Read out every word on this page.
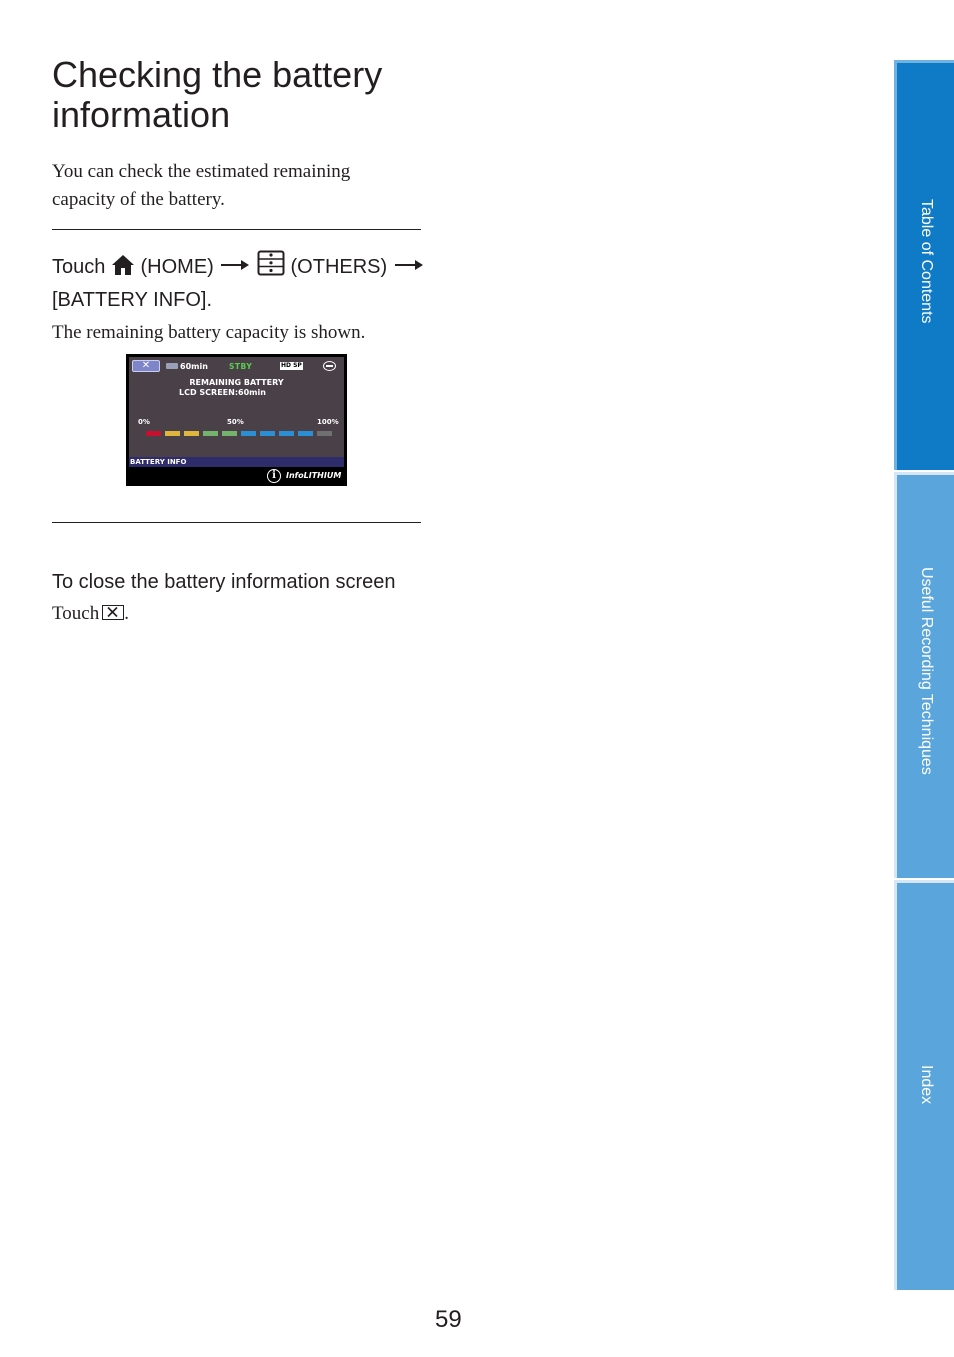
Checking the battery
information

You can check the estimated remaining
capacity of the battery.

Touch (HOME)	(OTHERS)
[BATTERY INFO].

The remaining battery capacity is shown.

✕	60min	STBY	HD SP
REMAINING BATTERY
LCD SCREEN:60min
0%	50%	100%
BATTERY INFO
i	InfoLITHIUM
To close the battery information screen
Touch .
59
Table of Contents
Useful Recording Techniques
Index
